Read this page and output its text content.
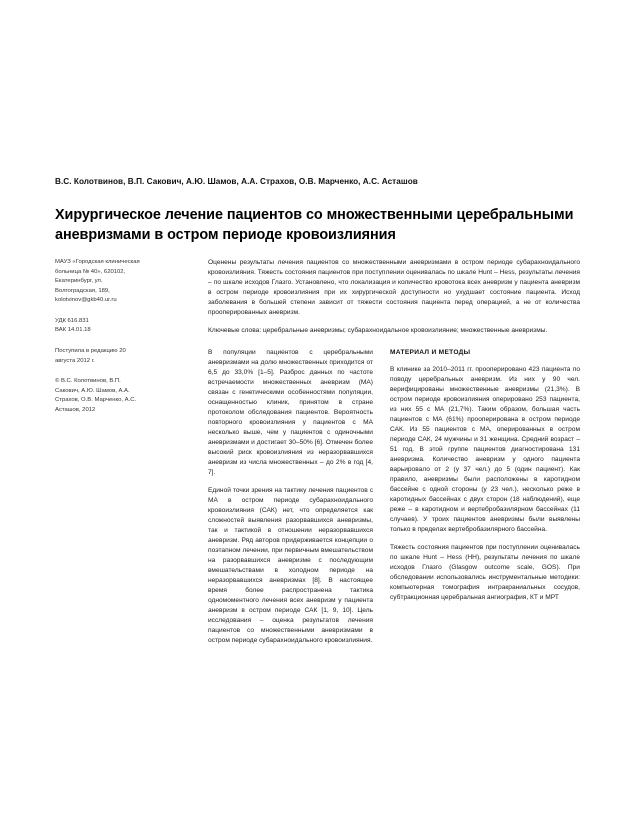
В.С. Колотвинов, В.П. Сакович, А.Ю. Шамов, А.А. Страхов, О.В. Марченко, А.С. Асташов
Хирургическое лечение пациентов со множественными церебральными аневризмами в остром периоде кровоизлияния
МАУЗ «Городская клиническая больница № 40», 620102, Екатеринбург, ул. Волгоградская, 189, kolotvinov@gkb40.ur.ru
УДК 616.831
ВАК 14.01.18
Поступила в редакцию 20 августа 2012 г.
© В.С. Колотвинов, В.П. Сакович, А.Ю. Шамов, А.А. Страхов, О.В. Марченко, А.С. Асташов, 2012

Оценены результаты лечения пациентов со множественными аневризмами в остром периоде субарахноидального кровоизлияния. Тяжесть состояния пациентов при поступлении оценивалась по шкале Hunt – Hess, результаты лечения – по шкале исходов Глазго. Установлено, что локализация и количество кровотока всех аневризм у пациента аневризм в остром периоде кровоизлияния при их хирургической доступности но ухудшает состояние пациента. Исход заболевания в большей степени зависит от тяжести состояния пациента перед операцией, а не от количества прооперированных аневризм.

Ключевые слова: церебральные аневризмы; субарахноидальное кровоизлияние; множественные аневризмы.

В популяции пациентов с церебральными аневризмами на долю множественных приходится от 6,5 до 33,0% [1–5]. Разброс данных по частоте встречаемости множественных аневризм (МА) связан с генетическими особенностями популяции, оснащенностью клиник, принятом в стране протоколом обследования пациентов. Вероятность повторного кровоизлияния у пациентов с МА несколько выше, чем у пациентов с одиночными аневризмами и достигает 30–50% [6]. Отмечен более высокий риск кровоизлияния из неразорвавшихся аневризм из числа множественных – до 2% в год [4, 7].

Единой точки зрения на тактику лечения пациентов с МА в остром периоде субарахноидального кровоизлияния (САК) нет, что определяется как сложностей выявления разорвавшихся аневризмы, так и тактикой в отношении неразорвавшихся аневризм. Ряд авторов придерживается концепции о поэтапном лечении, при первичным вмешательством на разорвавшихся аневризме с последующим вмешательствами в холодном периоде на неразорвавшихся аневризмах [8]. В настоящее время более распространена тактика одномоментного лечения всех аневризм у пациента аневризм в остром периоде САК [1, 9, 10]. Цель исследования – оценка результатов лечения пациентов со множественными аневризмами в остром периоде субарахноидального кровоизлияния.

МАТЕРИАЛ И МЕТОДЫ

В клинике за 2010–2011 гг. прооперировано 423 пациента по поводу церебральных аневризм. Из них у 90 чел. верифицированы множественные аневризмы (21,3%). В остром периоде кровоизлияния оперировано 253 пациента, из них 55 с МА (21,7%). Таким образом, большая часть пациентов с МА (61%) прооперирована в остром периоде САК. Из 55 пациентов с МА, оперированных в остром периоде САК, 24 мужчины и 31 женщина. Средний возраст – 51 год. В этой группе пациентов диагностирована 131 аневризма. Количество аневризм у одного пациента варьировало от 2 (у 37 чел.) до 5 (один пациент). Как правило, аневризмы были расположены в каротидном бассейне с одной стороны (у 23 чел.), несколько реже в каротидных бассейнах с двух сторон (18 наблюдений), еще реже – в каротидном и вертебробазилярном бассейнах (11 случаев). У троих пациентов аневризмы были выявлены только в пределах вертебробазилярного бассейна.

Тяжесть состояния пациентов при поступлении оценивалась по шкале Hunt – Hess (HH), результаты лечения по шкале исходов Глазго (Glasgow outcome scale, GOS). При обследовании использовались инструментальные методики: компьютерная томография интракраниальных сосудов, субтракционная церебральная ангиография, КТ и МРТ
